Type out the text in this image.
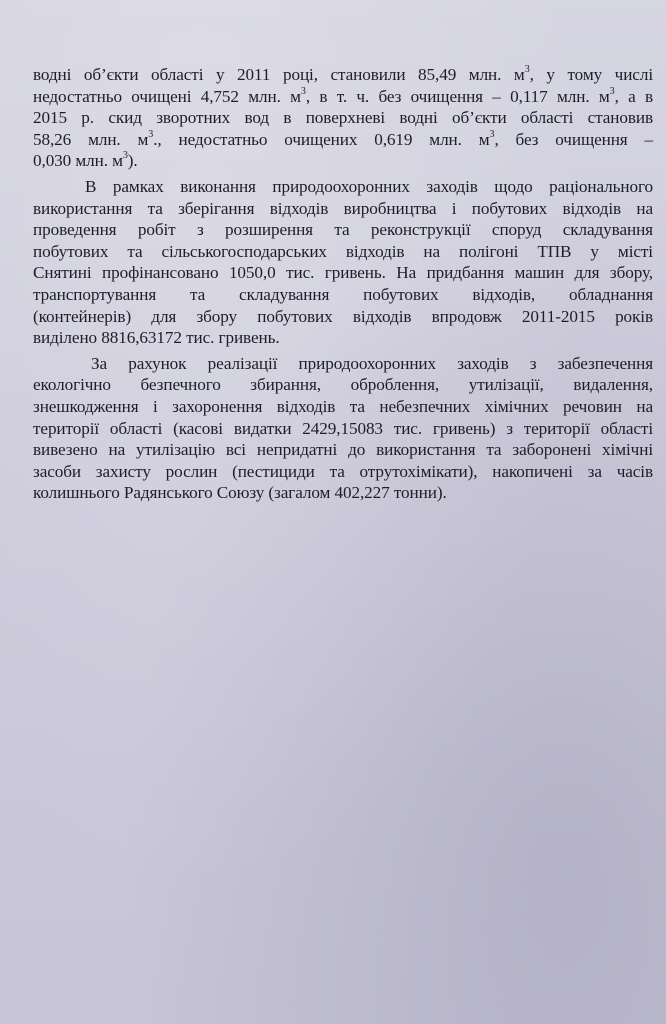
водні об’єкти області у 2011 році, становили 85,49 млн. $м^3$, у тому числі
недостатньо очищені 4,752 млн. $м^3$, в т. ч. без очищення – 0,117 млн. $м^3$, а в
2015 р. скид зворотних вод в поверхневі водні об’єкти області становив
58,26 млн. $м^3$., недостатньо очищених 0,619 млн. $м^3$, без очищення –
0,030 млн. $м^3$).
В рамках виконання природоохоронних заходів щодо раціонального
використання та зберігання відходів виробництва і побутових відходів на
проведення робіт з розширення та реконструкції споруд складування
побутових та сільськогосподарських відходів на полігоні ТПВ у місті
Снятині профінансовано 1050,0 тис. гривень. На придбання машин для збору,
транспортування та складування побутових відходів, обладнання
(контейнерів) для збору побутових відходів впродовж 2011-2015 років
виділено 8816,63172 тис. гривень.
За рахунок реалізації природоохоронних заходів з забезпечення
екологічно безпечного збирання, оброблення, утилізації, видалення,
знешкодження і захоронення відходів та небезпечних хімічних речовин на
території області (касові видатки 2429,15083 тис. гривень) з території області
вивезено на утилізацію всі непридатні до використання та заборонені хімічні
засоби захисту рослин (пестициди та отрутохімікати), накопичені за часів
колишнього Радянського Союзу (загалом 402,227 тонни).
